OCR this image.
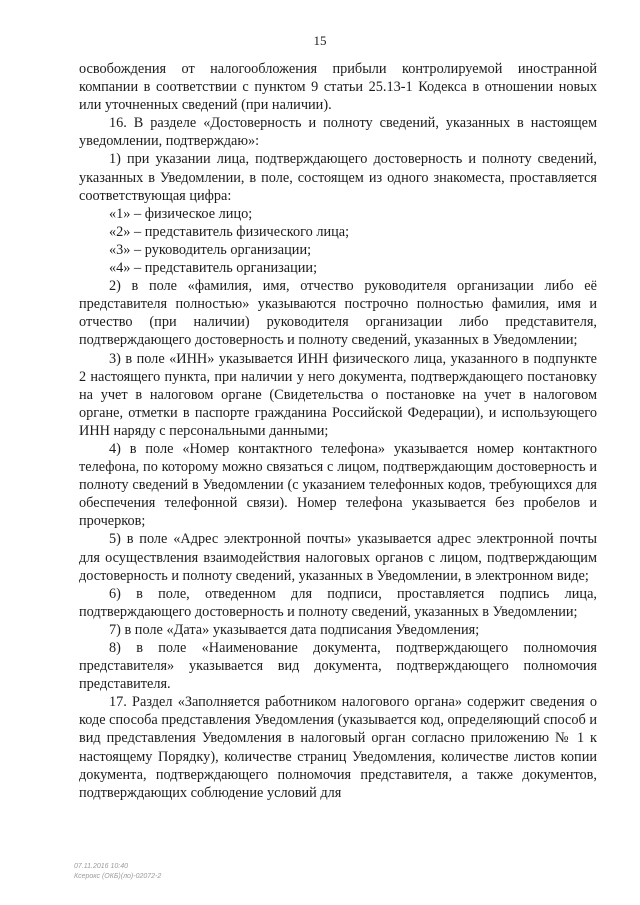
15

освобождения от налогообложения прибыли контролируемой иностранной компании в соответствии с пунктом 9 статьи 25.13-1 Кодекса в отношении новых или уточненных сведений (при наличии).

16. В разделе «Достоверность и полноту сведений, указанных в настоящем уведомлении, подтверждаю»:

1) при указании лица, подтверждающего достоверность и полноту сведений, указанных в Уведомлении, в поле, состоящем из одного знакоместа, проставляется соответствующая цифра:

«1» – физическое лицо;

«2» – представитель физического лица;

«3» – руководитель организации;

«4» – представитель организации;

2) в поле «фамилия, имя, отчество руководителя организации либо её представителя полностью» указываются построчно полностью фамилия, имя и отчество (при наличии) руководителя организации либо представителя, подтверждающего достоверность и полноту сведений, указанных в Уведомлении;

3) в поле «ИНН» указывается ИНН физического лица, указанного в подпункте 2 настоящего пункта, при наличии у него документа, подтверждающего постановку на учет в налоговом органе (Свидетельства о постановке на учет в налоговом органе, отметки в паспорте гражданина Российской Федерации), и использующего ИНН наряду с персональными данными;

4) в поле «Номер контактного телефона» указывается номер контактного телефона, по которому можно связаться с лицом, подтверждающим достоверность и полноту сведений в Уведомлении (с указанием телефонных кодов, требующихся для обеспечения телефонной связи). Номер телефона указывается без пробелов и прочерков;

5) в поле «Адрес электронной почты» указывается адрес электронной почты для осуществления взаимодействия налоговых органов с лицом, подтверждающим достоверность и полноту сведений, указанных в Уведомлении, в электронном виде;

6) в поле, отведенном для подписи, проставляется подпись лица, подтверждающего достоверность и полноту сведений, указанных в Уведомлении;

7) в поле «Дата» указывается дата подписания Уведомления;

8) в поле «Наименование документа, подтверждающего полномочия представителя» указывается вид документа, подтверждающего полномочия представителя.

17. Раздел «Заполняется работником налогового органа» содержит сведения о коде способа представления Уведомления (указывается код, определяющий способ и вид представления Уведомления в налоговый орган согласно приложению № 1 к настоящему Порядку), количестве страниц Уведомления, количестве листов копии документа, подтверждающего полномочия представителя, а также документов, подтверждающих соблюдение условий для

07.11.2016 10:40
Ксерокс (ОКБ)(ло)-02072-2
